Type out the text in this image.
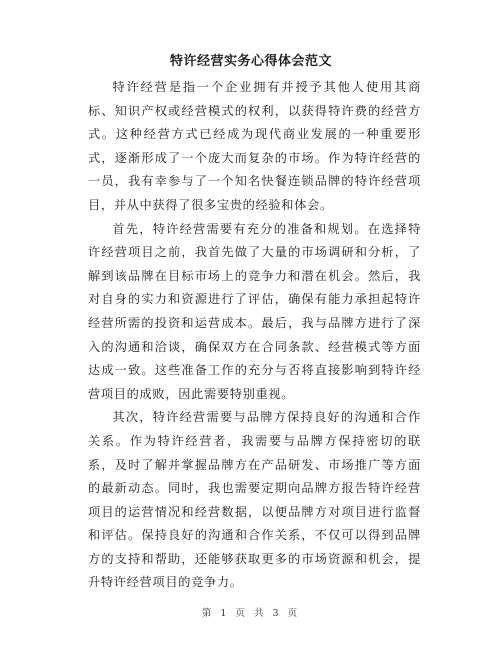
特许经营实务心得体会范文

特许经营是指一个企业拥有并授予其他人使用其商标、知识产权或经营模式的权利，以获得特许费的经营方式。这种经营方式已经成为现代商业发展的一种重要形式，逐渐形成了一个庞大而复杂的市场。作为特许经营的一员，我有幸参与了一个知名快餐连锁品牌的特许经营项目，并从中获得了很多宝贵的经验和体会。

首先，特许经营需要有充分的准备和规划。在选择特许经营项目之前，我首先做了大量的市场调研和分析，了解到该品牌在目标市场上的竞争力和潜在机会。然后，我对自身的实力和资源进行了评估，确保有能力承担起特许经营所需的投资和运营成本。最后，我与品牌方进行了深入的沟通和洽谈，确保双方在合同条款、经营模式等方面达成一致。这些准备工作的充分与否将直接影响到特许经营项目的成败，因此需要特别重视。

其次，特许经营需要与品牌方保持良好的沟通和合作关系。作为特许经营者，我需要与品牌方保持密切的联系，及时了解并掌握品牌方在产品研发、市场推广等方面的最新动态。同时，我也需要定期向品牌方报告特许经营项目的运营情况和经营数据，以便品牌方对项目进行监督和评估。保持良好的沟通和合作关系，不仅可以得到品牌方的支持和帮助，还能够获取更多的市场资源和机会，提升特许经营项目的竞争力。

第 1 页 共 3 页
